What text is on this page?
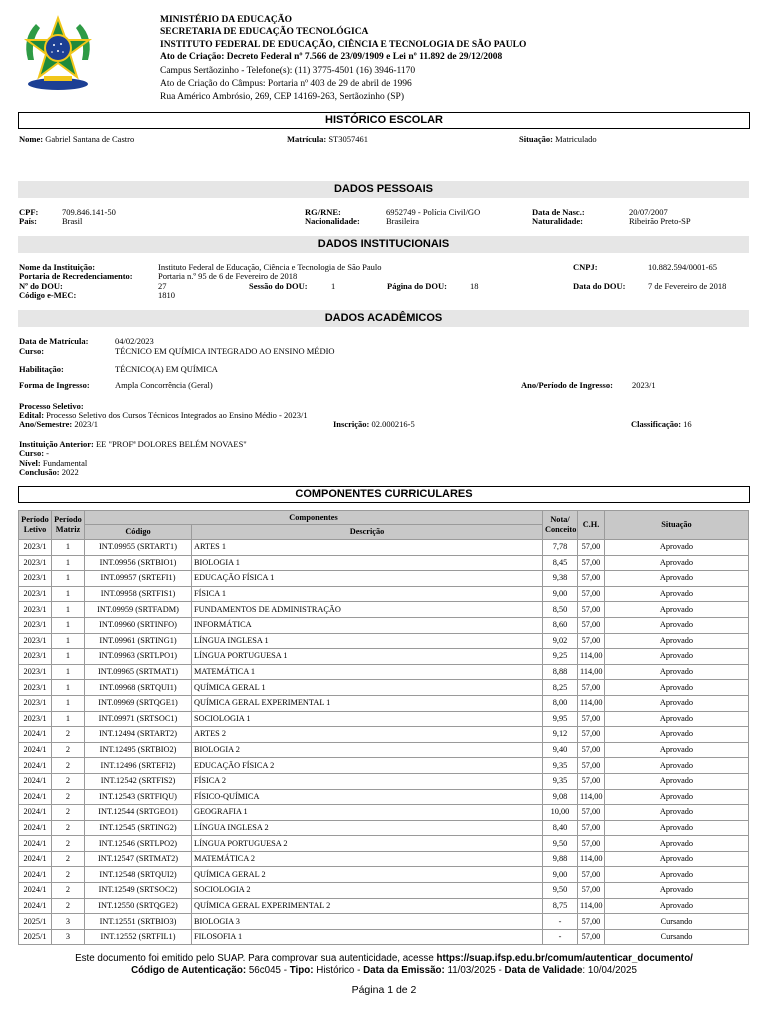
MINISTÉRIO DA EDUCAÇÃO
SECRETARIA DE EDUCAÇÃO TECNOLÓGICA
INSTITUTO FEDERAL DE EDUCAÇÃO, CIÊNCIA E TECNOLOGIA DE SÃO PAULO
Ato de Criação: Decreto Federal nº 7.566 de 23/09/1909 e Lei nº 11.892 de 29/12/2008
Campus Sertãozinho - Telefone(s): (11) 3775-4501 (16) 3946-1170
Ato de Criação do Câmpus: Portaria nº 403 de 29 de abril de 1996
Rua Américo Ambrósio, 269, CEP 14169-263, Sertãozinho (SP)
HISTÓRICO ESCOLAR
Nome: Gabriel Santana de Castro	Matrícula: ST3057461	Situação: Matriculado
DADOS PESSOAIS
CPF:	709.846.141-50
País:	Brasil
RG/RNE:	6952749 - Polícia Civil/GO
Nacionalidade:	Brasileira
Data de Nasc.:	20/07/2007
Naturalidade:	Ribeirão Preto-SP
DADOS INSTITUCIONAIS
Nome da Instituição:	Instituto Federal de Educação, Ciência e Tecnologia de São Paulo
Portaria de Recredenciamento:	Portaria n.º 95 de 6 de Fevereiro de 2018
Nº do DOU:	27	Sessão do DOU:	1	Página do DOU:	18
Código e-MEC:	1810
CNPJ:	10.882.594/0001-65
Data do DOU:	7 de Fevereiro de 2018
DADOS ACADÊMICOS
Data de Matrícula:	04/02/2023
Curso:	TÉCNICO EM QUÍMICA INTEGRADO AO ENSINO MÉDIO
Habilitação:	TÉCNICO(A) EM QUÍMICA
Forma de Ingresso:	Ampla Concorrência (Geral)	Ano/Período de Ingresso: 2023/1
Processo Seletivo:
Edital: Processo Seletivo dos Cursos Técnicos Integrados ao Ensino Médio - 2023/1
Ano/Semestre: 2023/1	Inscrição: 02.000216-5	Classificação: 16
Instituição Anterior: EE "PROFª DOLORES BELÉM NOVAES"
Curso: -
Nível: Fundamental
Conclusão: 2022
COMPONENTES CURRICULARES
Período Letivo	Período Matriz	Componentes		Nota/ Conceito	C.H.	Situação
		Código	Descrição			
2023/1	1	INT.09955 (SRTART1)	ARTES 1	7,78	57,00	Aprovado
2023/1	1	INT.09956 (SRTBIO1)	BIOLOGIA 1	8,45	57,00	Aprovado
2023/1	1	INT.09957 (SRTEFI1)	EDUCAÇÃO FÍSICA 1	9,38	57,00	Aprovado
2023/1	1	INT.09958 (SRTFIS1)	FÍSICA 1	9,00	57,00	Aprovado
2023/1	1	INT.09959 (SRTFADM)	FUNDAMENTOS DE ADMINISTRAÇÃO	8,50	57,00	Aprovado
2023/1	1	INT.09960 (SRTINFO)	INFORMÁTICA	8,60	57,00	Aprovado
2023/1	1	INT.09961 (SRTING1)	LÍNGUA INGLESA 1	9,02	57,00	Aprovado
2023/1	1	INT.09963 (SRTLPO1)	LÍNGUA PORTUGUESA 1	9,25	114,00	Aprovado
2023/1	1	INT.09965 (SRTMAT1)	MATEMÁTICA 1	8,88	114,00	Aprovado
2023/1	1	INT.09968 (SRTQUI1)	QUÍMICA GERAL 1	8,25	57,00	Aprovado
2023/1	1	INT.09969 (SRTQGE1)	QUÍMICA GERAL EXPERIMENTAL 1	8,00	114,00	Aprovado
2023/1	1	INT.09971 (SRTSOC1)	SOCIOLOGIA 1	9,95	57,00	Aprovado
2024/1	2	INT.12494 (SRTART2)	ARTES 2	9,12	57,00	Aprovado
2024/1	2	INT.12495 (SRTBIO2)	BIOLOGIA 2	9,40	57,00	Aprovado
2024/1	2	INT.12496 (SRTEFI2)	EDUCAÇÃO FÍSICA 2	9,35	57,00	Aprovado
2024/1	2	INT.12542 (SRTFIS2)	FÍSICA 2	9,35	57,00	Aprovado
2024/1	2	INT.12543 (SRTFIQU)	FÍSICO-QUÍMICA	9,08	114,00	Aprovado
2024/1	2	INT.12544 (SRTGEO1)	GEOGRAFIA 1	10,00	57,00	Aprovado
2024/1	2	INT.12545 (SRTING2)	LÍNGUA INGLESA 2	8,40	57,00	Aprovado
2024/1	2	INT.12546 (SRTLPO2)	LÍNGUA PORTUGUESA 2	9,50	57,00	Aprovado
2024/1	2	INT.12547 (SRTMAT2)	MATEMÁTICA 2	9,88	114,00	Aprovado
2024/1	2	INT.12548 (SRTQUI2)	QUÍMICA GERAL 2	9,00	57,00	Aprovado
2024/1	2	INT.12549 (SRTSOC2)	SOCIOLOGIA 2	9,50	57,00	Aprovado
2024/1	2	INT.12550 (SRTQGE2)	QUÍMICA GERAL EXPERIMENTAL 2	8,75	114,00	Aprovado
2025/1	3	INT.12551 (SRTBIO3)	BIOLOGIA 3	-	57,00	Cursando
2025/1	3	INT.12552 (SRTFIL1)	FILOSOFIA 1	-	57,00	Cursando
Este documento foi emitido pelo SUAP. Para comprovar sua autenticidade, acesse https://suap.ifsp.edu.br/comum/autenticar_documento/
Código de Autenticação: 56c045 - Tipo: Histórico - Data da Emissão: 11/03/2025 - Data de Validade: 10/04/2025
Página 1 de 2
